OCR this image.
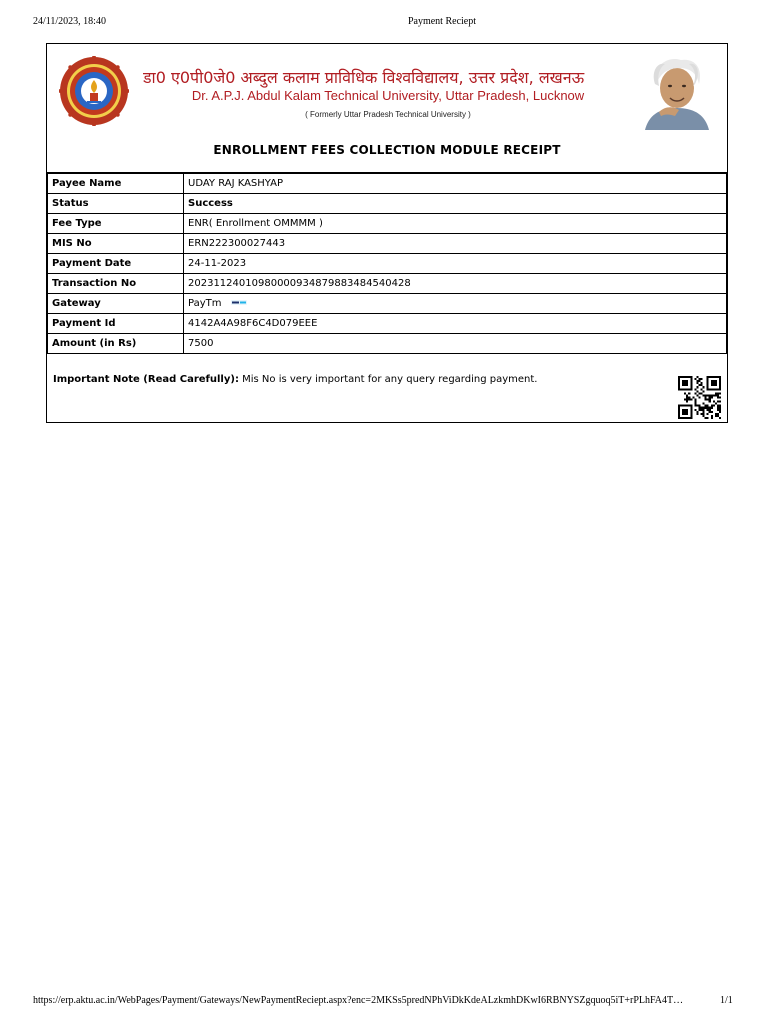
24/11/2023, 18:40	Payment Reciept
डा0 ए0पी0जे0 अब्दुल कलाम प्राविधिक विश्वविद्यालय, उत्तर प्रदेश, लखनऊ
Dr. A.P.J. Abdul Kalam Technical University, Uttar Pradesh, Lucknow
( Formerly Uttar Pradesh Technical University )
ENROLLMENT FEES COLLECTION MODULE RECEIPT
Payee Name	UDAY RAJ KASHYAP
Status	Success
Fee Type	ENR( Enrollment OMMMM )
MIS No	ERN222300027443
Payment Date	24-11-2023
Transaction No	20231124010980000934879883484540428
Gateway	PayTm
Payment Id	4142A4A98F6C4D079EEE
Amount (in Rs)	7500
Important Note (Read Carefully): Mis No is very important for any query regarding payment.
https://erp.aktu.ac.in/WebPages/Payment/Gateways/NewPaymentReciept.aspx?enc=2MKSs5predNPhViDkKdeALzkmhDKwI6RBNYSZgquoq5iT+rPLhFA4T…	1/1
